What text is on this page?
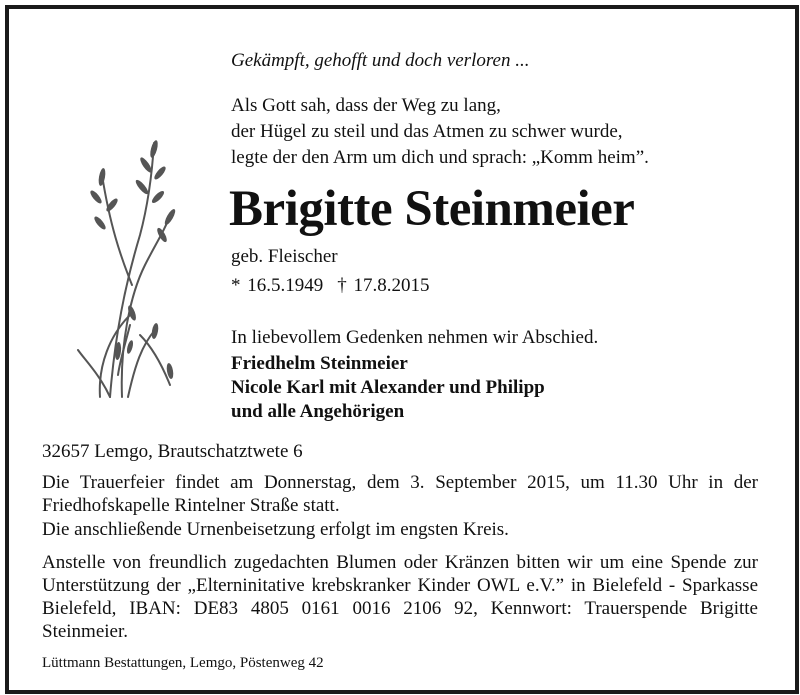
Gekämpft, gehofft und doch verloren ...
Als Gott sah, dass der Weg zu lang,
der Hügel zu steil und das Atmen zu schwer wurde,
legte der den Arm um dich und sprach: „Komm heim”.
Brigitte Steinmeier
geb. Fleischer
* 16.5.1949 † 17.8.2015
In liebevollem Gedenken nehmen wir Abschied.
Friedhelm Steinmeier
Nicole Karl mit Alexander und Philipp
und alle Angehörigen
32657 Lemgo, Brautschatztwete 6
Die Trauerfeier findet am Donnerstag, dem 3. September 2015, um 11.30 Uhr in der Friedhofskapelle Rintelner Straße statt.
Die anschließende Urnenbeisetzung erfolgt im engsten Kreis.
Anstelle von freundlich zugedachten Blumen oder Kränzen bitten wir um eine Spende zur Unterstützung der „Elterninitative krebskranker Kinder OWL e.V.” in Bielefeld - Sparkasse Bielefeld, IBAN: DE83 4805 0161 0016 2106 92, Kennwort: Trauerspende Brigitte Steinmeier.
Lüttmann Bestattungen, Lemgo, Pöstenweg 42
